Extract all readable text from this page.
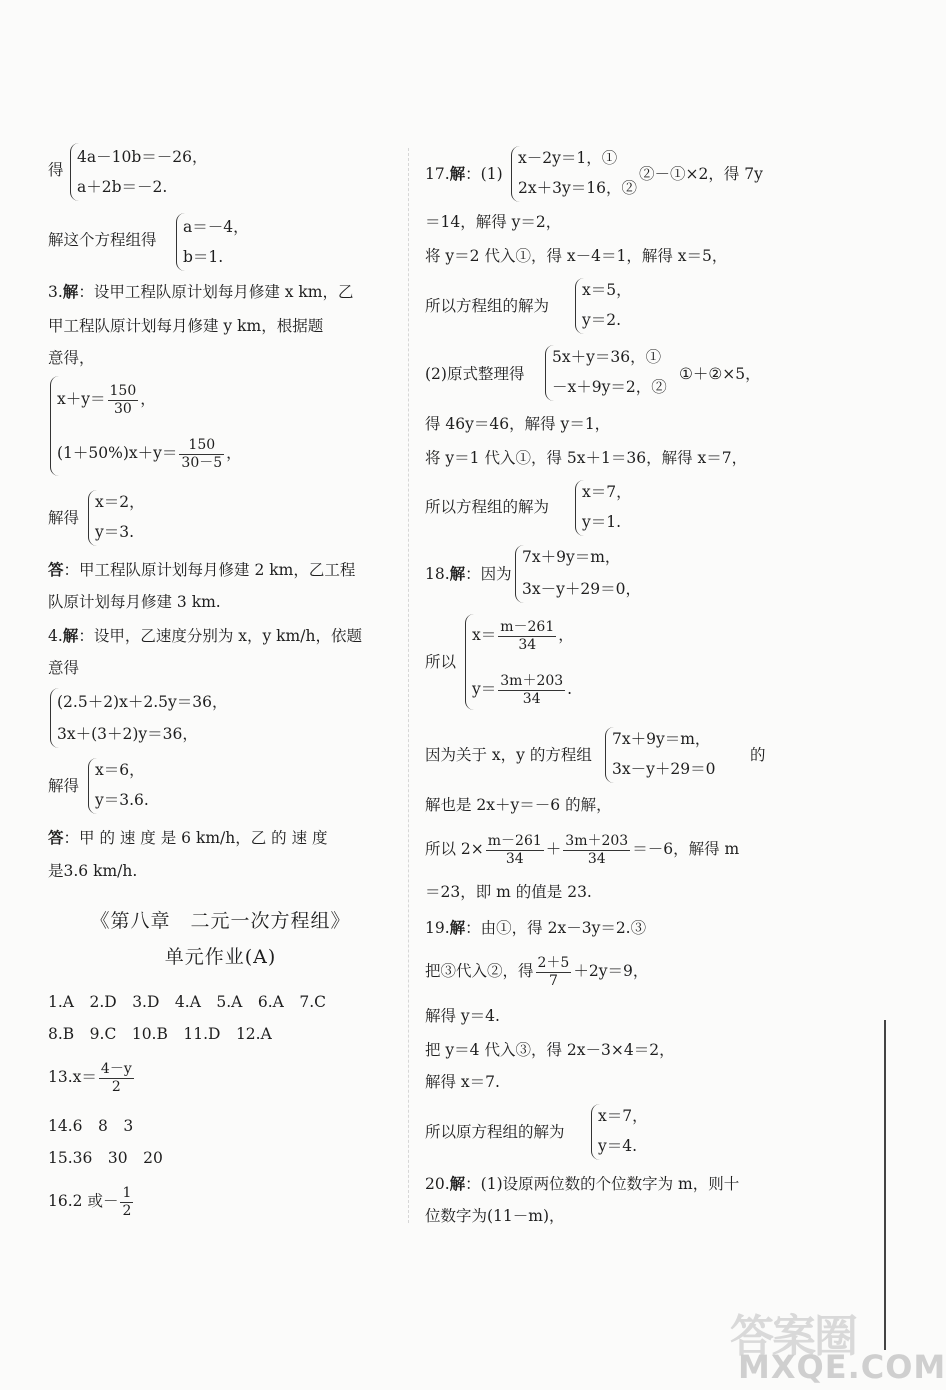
得
4a－10b＝－26，
a＋2b＝－2.
解这个方程组得
a＝－4，
b＝1.
3.解：设甲工程队原计划每月修建 x km，乙
甲工程队原计划每月修建 y km，根据题
意得，
$x+y= \frac{150}{30}$ ，
$(1+50\%)x+y= \frac{150}{30-5}$ ，
解得
x＝2，
y＝3.
答：甲工程队原计划每月修建 2 km，乙工程
队原计划每月修建 3 km.
4.解：设甲，乙速度分别为 x，y km/h，依题
意得
(2.5＋2)x＋2.5y＝36，
3x＋(3＋2)y＝36，
解得
x＝6，
y＝3.6.
答：甲 的 速 度 是 6 km/h，乙 的 速 度
是3.6 km/h.
《第八章　二元一次方程组》
单元作业(A)
1.A　2.D　3.D　4.A　5.A　6.A　7.C
8.B　9.C　10.B　11.D　12.A
$13.x= \frac{4-y}{2}$
14.6　8　3
15.36　30　20
16.2 或－ $\frac{1}{2}$
17.解：(1)
x－2y＝1，①
2x＋3y＝16，②
②－①×2，得 7y
＝14，解得 y＝2，
将 y＝2 代入①，得 x－4＝1，解得 x＝5，
所以方程组的解为
x＝5，
y＝2.
(2)原式整理得
5x＋y＝36，①
－x＋9y＝2，②
①＋②×5，
得 46y＝46，解得 y＝1，
将 y＝1 代入①，得 5x＋1＝36，解得 x＝7，
所以方程组的解为
x＝7，
y＝1.
18.解：因为
7x＋9y＝m，
3x－y＋29＝0，
所以
$x= \frac{m-261}{34}$ ，
$y= \frac{3m+203}{34}$ .
因为关于 x，y 的方程组
7x＋9y＝m，
3x－y＋29＝0
的
解也是 2x＋y＝－6 的解，
所以 $2\times \frac{m-261}{34} + \frac{3m+203}{34} =-6$，解得 m
＝23，即 m 的值是 23.
19.解：由①，得 2x－3y＝2.③
把③代入②，得 $\frac{2+5}{7} +2y=9$，
解得 y＝4.
把 y＝4 代入③，得 2x－3×4＝2，
解得 x＝7.
所以原方程组的解为
x＝7，
y＝4.
20.解：(1)设原两位数的个位数字为 m，则十
位数字为(11－m)，
答案圈
MXQE.COM
